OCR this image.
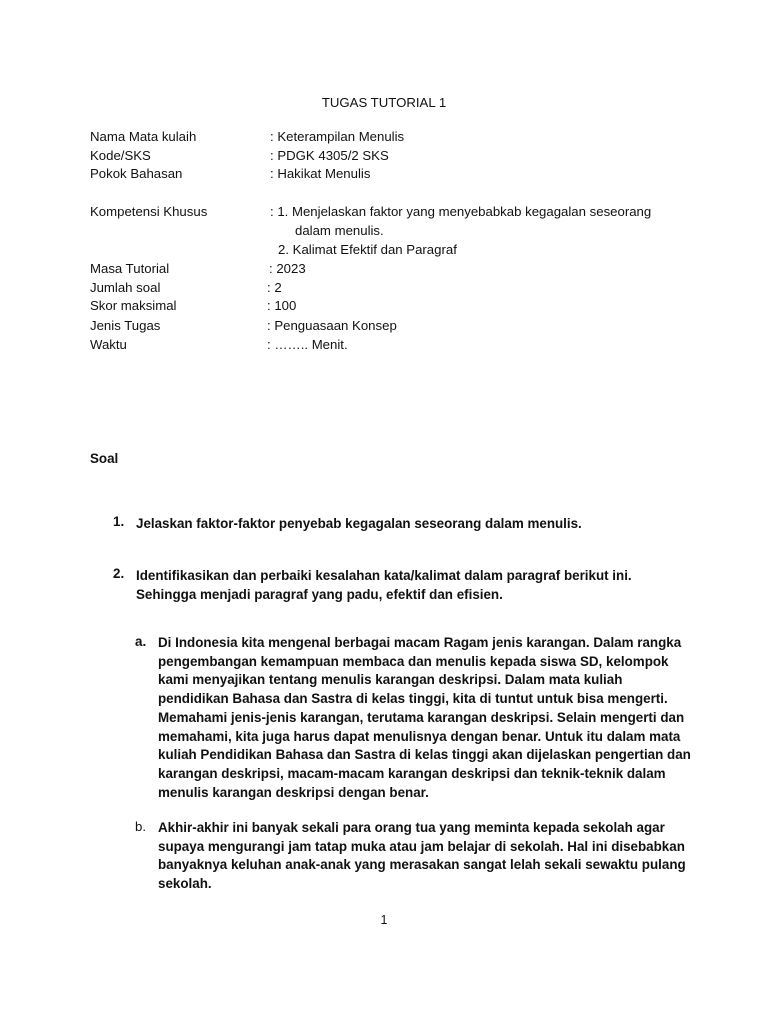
TUGAS TUTORIAL 1
Nama Mata kulaih	: Keterampilan Menulis
Kode/SKS	: PDGK 4305/2 SKS
Pokok Bahasan	: Hakikat Menulis
Kompetensi Khusus	: 1. Menjelaskan faktor yang menyebabkab kegagalan seseorang
dalam menulis.
2. Kalimat Efektif dan Paragraf
Masa Tutorial	: 2023
Jumlah soal	: 2
Skor maksimal	: 100
Jenis Tugas	: Penguasaan Konsep
Waktu	: …….. Menit.
Soal
1. Jelaskan faktor-faktor penyebab kegagalan seseorang dalam menulis.
2. Identifikasikan dan perbaiki kesalahan kata/kalimat dalam paragraf berikut ini.
Sehingga menjadi paragraf yang padu, efektif dan efisien.
a. Di Indonesia kita mengenal berbagai macam Ragam jenis karangan. Dalam rangka
pengembangan kemampuan membaca dan menulis kepada siswa SD, kelompok
kami menyajikan tentang menulis karangan deskripsi. Dalam mata kuliah
pendidikan Bahasa dan Sastra di kelas tinggi, kita di tuntut untuk bisa mengerti.
Memahami jenis-jenis karangan, terutama karangan deskripsi. Selain mengerti dan
memahami, kita juga harus dapat menulisnya dengan benar. Untuk itu dalam mata
kuliah Pendidikan Bahasa dan Sastra di kelas tinggi akan dijelaskan pengertian dan
karangan deskripsi, macam-macam karangan deskripsi dan teknik-teknik dalam
menulis karangan deskripsi dengan benar.
b. Akhir-akhir ini banyak sekali para orang tua yang meminta kepada sekolah agar
supaya mengurangi jam tatap muka atau jam belajar di sekolah. Hal ini disebabkan
banyaknya keluhan anak-anak yang merasakan sangat lelah sekali sewaktu pulang
sekolah.
1
